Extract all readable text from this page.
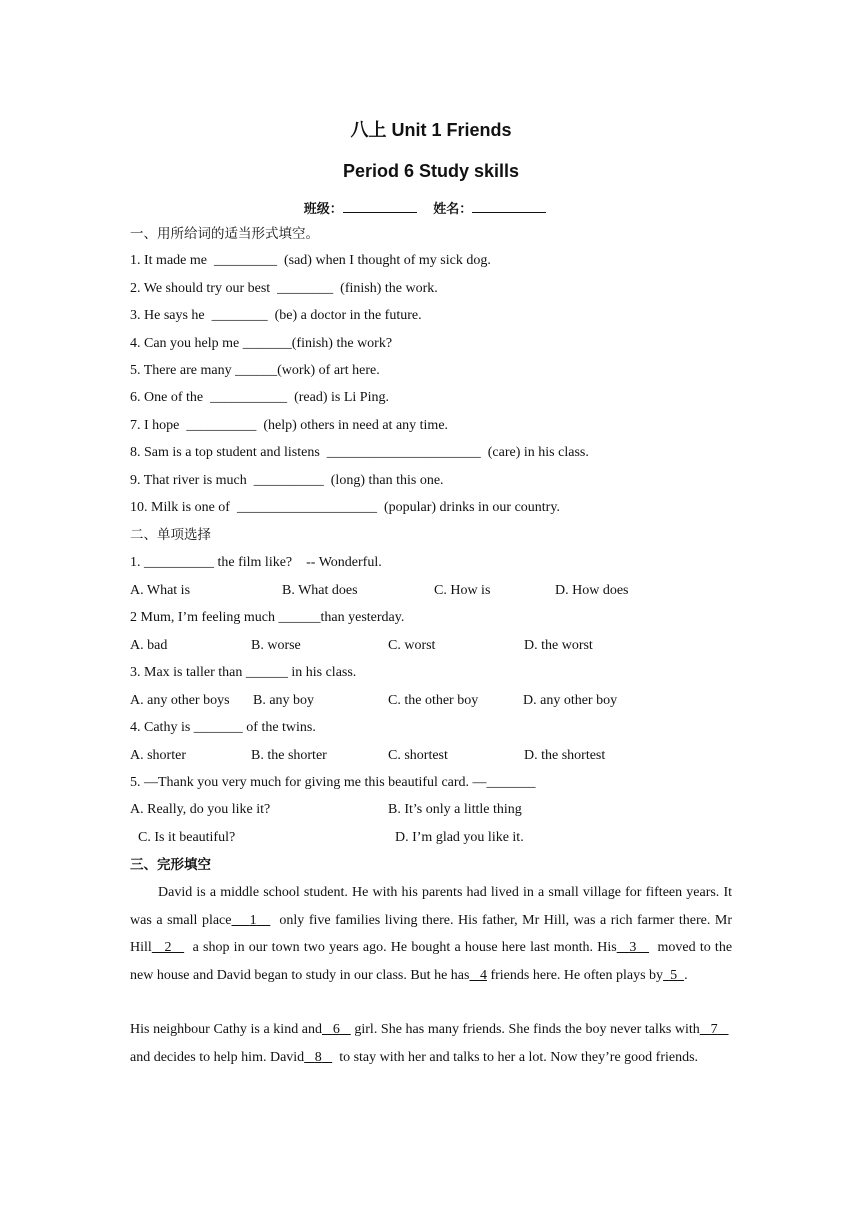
八上 Unit 1 Friends
Period 6 Study skills
班级：	姓名：
一、用所给词的适当形式填空。
1. It made me  _________  (sad) when I thought of my sick dog.
2. We should try our best  ________  (finish) the work.
3. He says he  ________  (be) a doctor in the future.
4. Can you help me _______(finish) the work?
5. There are many ______(work) of art here.
6. One of the  ___________  (read) is Li Ping.
7. I hope  __________  (help) others in need at any time.
8. Sam is a top student and listens  ______________________  (care) in his class.
9. That river is much  __________  (long) than this one.
10. Milk is one of  ____________________  (popular) drinks in our country.
二、单项选择
1. __________ the film like?    -- Wonderful.
A. What is	B. What does	C. How is	D. How does
2 Mum, I’m feeling much ______than yesterday.
A. bad	B. worse	C. worst	D. the worst
3. Max is taller than ______ in his class.
A. any other boys B. any boy	C. the other boy	D. any other boy
4. Cathy is _______ of the twins.
A. shorter	B. the shorter	C. shortest	D. the shortest
5. —Thank you very much for giving me this beautiful card. —_______
A. Really, do you like it?	B. It’s only a little thing
C. Is it beautiful?	D. I’m glad you like it.
三、完形填空
David is a middle school student. He with his parents had lived in a small village for fifteen years. It was a small place 1 only five families living there. His father, Mr Hill, was a rich farmer there. Mr Hill 2 a shop in our town two years ago. He bought a house here last month. His 3 moved to the new house and David began to study in our class. But he has 4 friends here. He often plays by 5 .
His neighbour Cathy is a kind and 6 girl. She has many friends. She finds the boy never talks with 7     and decides to help him. David 8 to stay with her and talks to her a lot. Now they’re good friends.
